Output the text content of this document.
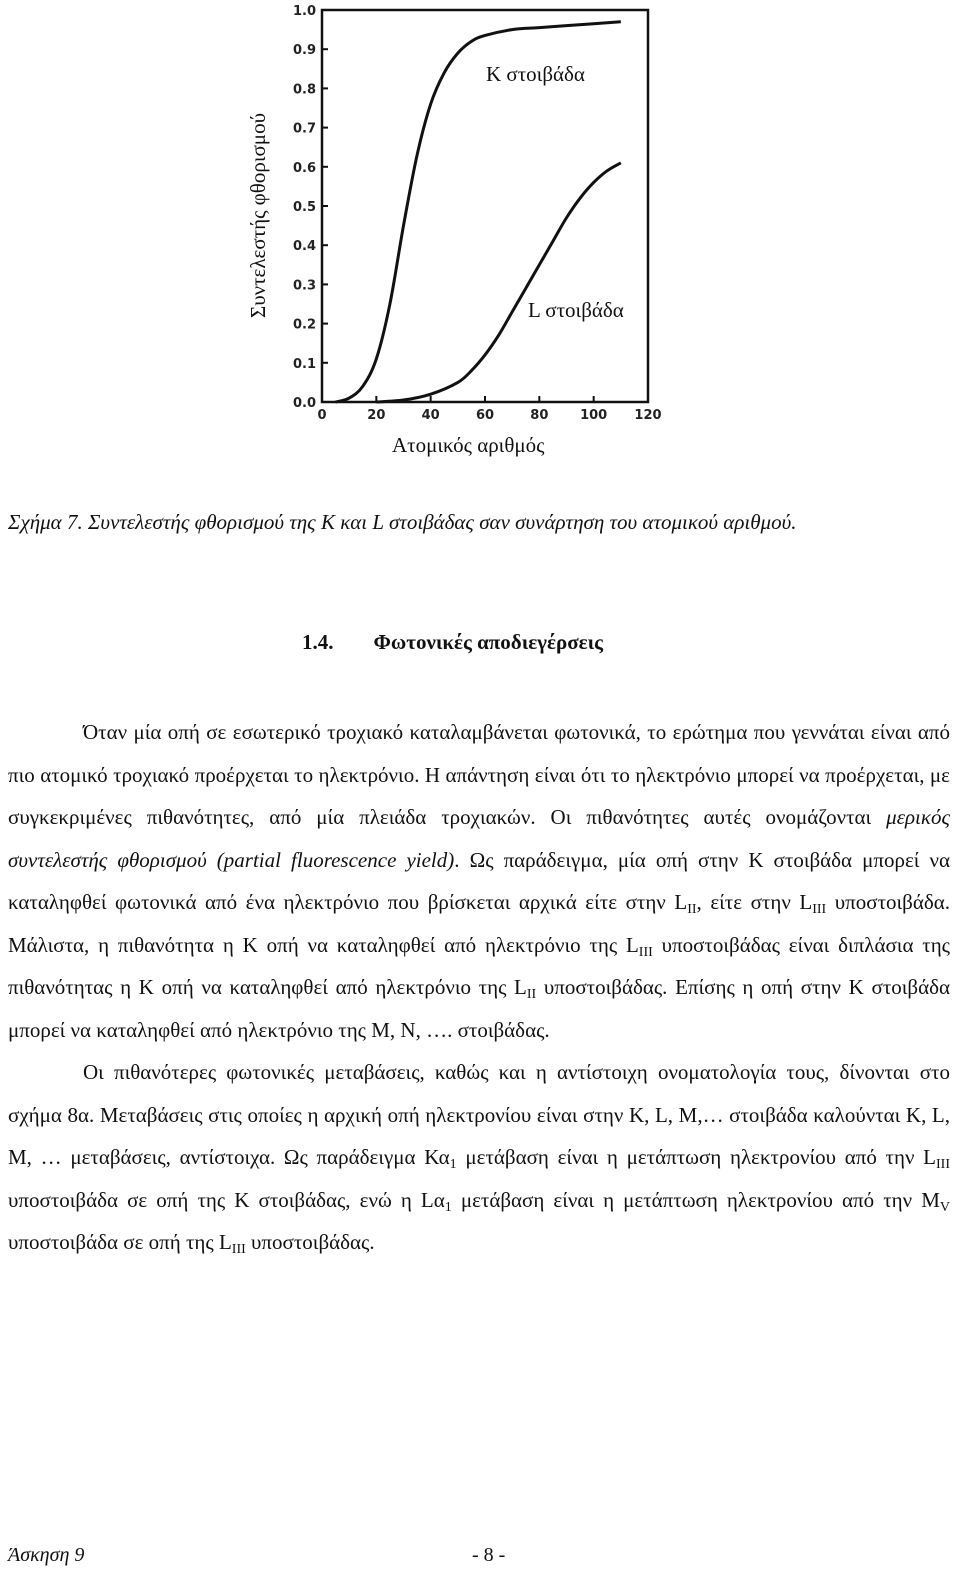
0.0
0.1
0.2
0.3
0.4
0.5
0.6
0.7
0.8
0.9
1.0
0	20	40	60	80 100 120
Συντελεστής φθορισμού
Κ στοιβάδα
L στοιβάδα
Ατομικός αριθμός
Σχήμα 7. Συντελεστής φθορισμού της Κ και L στοιβάδας σαν συνάρτηση του ατομικού αριθμού.
1.4. Φωτονικές αποδιεγέρσεις

Όταν μία οπή σε εσωτερικό τροχιακό καταλαμβάνεται φωτονικά, το ερώτημα που γεννάται είναι από πιο ατομικό τροχιακό προέρχεται το ηλεκτρόνιο. Η απάντηση είναι ότι το ηλεκτρόνιο μπορεί να προέρχεται, με συγκεκριμένες πιθανότητες, από μία πλειάδα τροχιακών. Οι πιθανότητες αυτές ονομάζονται μερικός συντελεστής φθορισμού (partial fluorescence yield). Ως παράδειγμα, μία οπή στην Κ στοιβάδα μπορεί να καταληφθεί φωτονικά από ένα ηλεκτρόνιο που βρίσκεται αρχικά είτε στην $L_{II}$, είτε στην $L_{III}$ υποστοιβάδα. Μάλιστα, η πιθανότητα η Κ οπή να καταληφθεί από ηλεκτρόνιο της $L_{III}$ υποστοιβάδας είναι διπλάσια της πιθανότητας η Κ οπή να καταληφθεί από ηλεκτρόνιο της $L_{II}$ υποστοιβάδας. Επίσης η οπή στην Κ στοιβάδα μπορεί να καταληφθεί από ηλεκτρόνιο της Μ, Ν, …. στοιβάδας.

Οι πιθανότερες φωτονικές μεταβάσεις, καθώς και η αντίστοιχη ονοματολογία τους, δίνονται στο σχήμα 8α. Μεταβάσεις στις οποίες η αρχική οπή ηλεκτρονίου είναι στην Κ, L, M,… στοιβάδα καλούνται Κ, L, M, … μεταβάσεις, αντίστοιχα. Ως παράδειγμα $K\alpha_1$ μετάβαση είναι η μετάπτωση ηλεκτρονίου από την $L_{III}$ υποστοιβάδα σε οπή της Κ στοιβάδας, ενώ η $L\alpha_1$ μετάβαση είναι η μετάπτωση ηλεκτρονίου από την $M_V$ υποστοιβάδα σε οπή της $L_{III}$ υποστοιβάδας.

Άσκηση 9	- 8 -
